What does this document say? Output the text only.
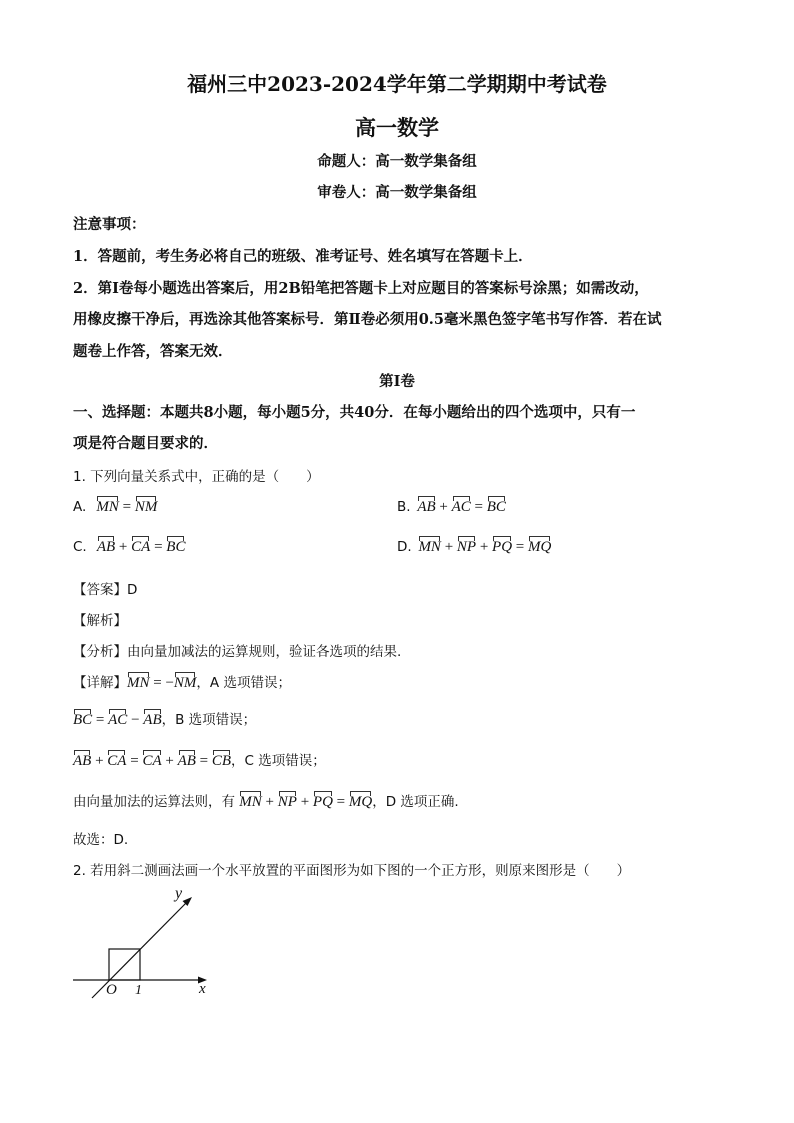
福州三中2023-2024学年第二学期期中考试卷
高一数学
命题人：高一数学集备组
审卷人：高一数学集备组
注意事项：
1．答题前，考生务必将自己的班级、准考证号、姓名填写在答题卡上．
2．第Ⅰ卷每小题选出答案后，用2B铅笔把答题卡上对应题目的答案标号涂黑；如需改动，
用橡皮擦干净后，再选涂其他答案标号．第Ⅱ卷必须用0.5毫米黑色签字笔书写作答．若在试
题卷上作答，答案无效．
第Ⅰ卷
一、选择题：本题共8小题，每小题5分，共40分．在每小题给出的四个选项中，只有一
项是符合题目要求的．
1. 下列向量关系式中，正确的是（　　）
A. MN = NM	B. AB + AC = BC
C. AB + CA = BC	D. MN + NP + PQ = MQ
【答案】D
【解析】
【分析】由向量加减法的运算规则，验证各选项的结果.
【详解】MN = −NM，A 选项错误；
BC = AC − AB，B 选项错误；
AB + CA = CA + AB = CB，C 选项错误；
由向量加法的运算法则，有 MN + NP + PQ = MQ，D 选项正确.
故选：D.
2. 若用斜二测画法画一个水平放置的平面图形为如下图的一个正方形，则原来图形是（　　）
y
x
O 1
